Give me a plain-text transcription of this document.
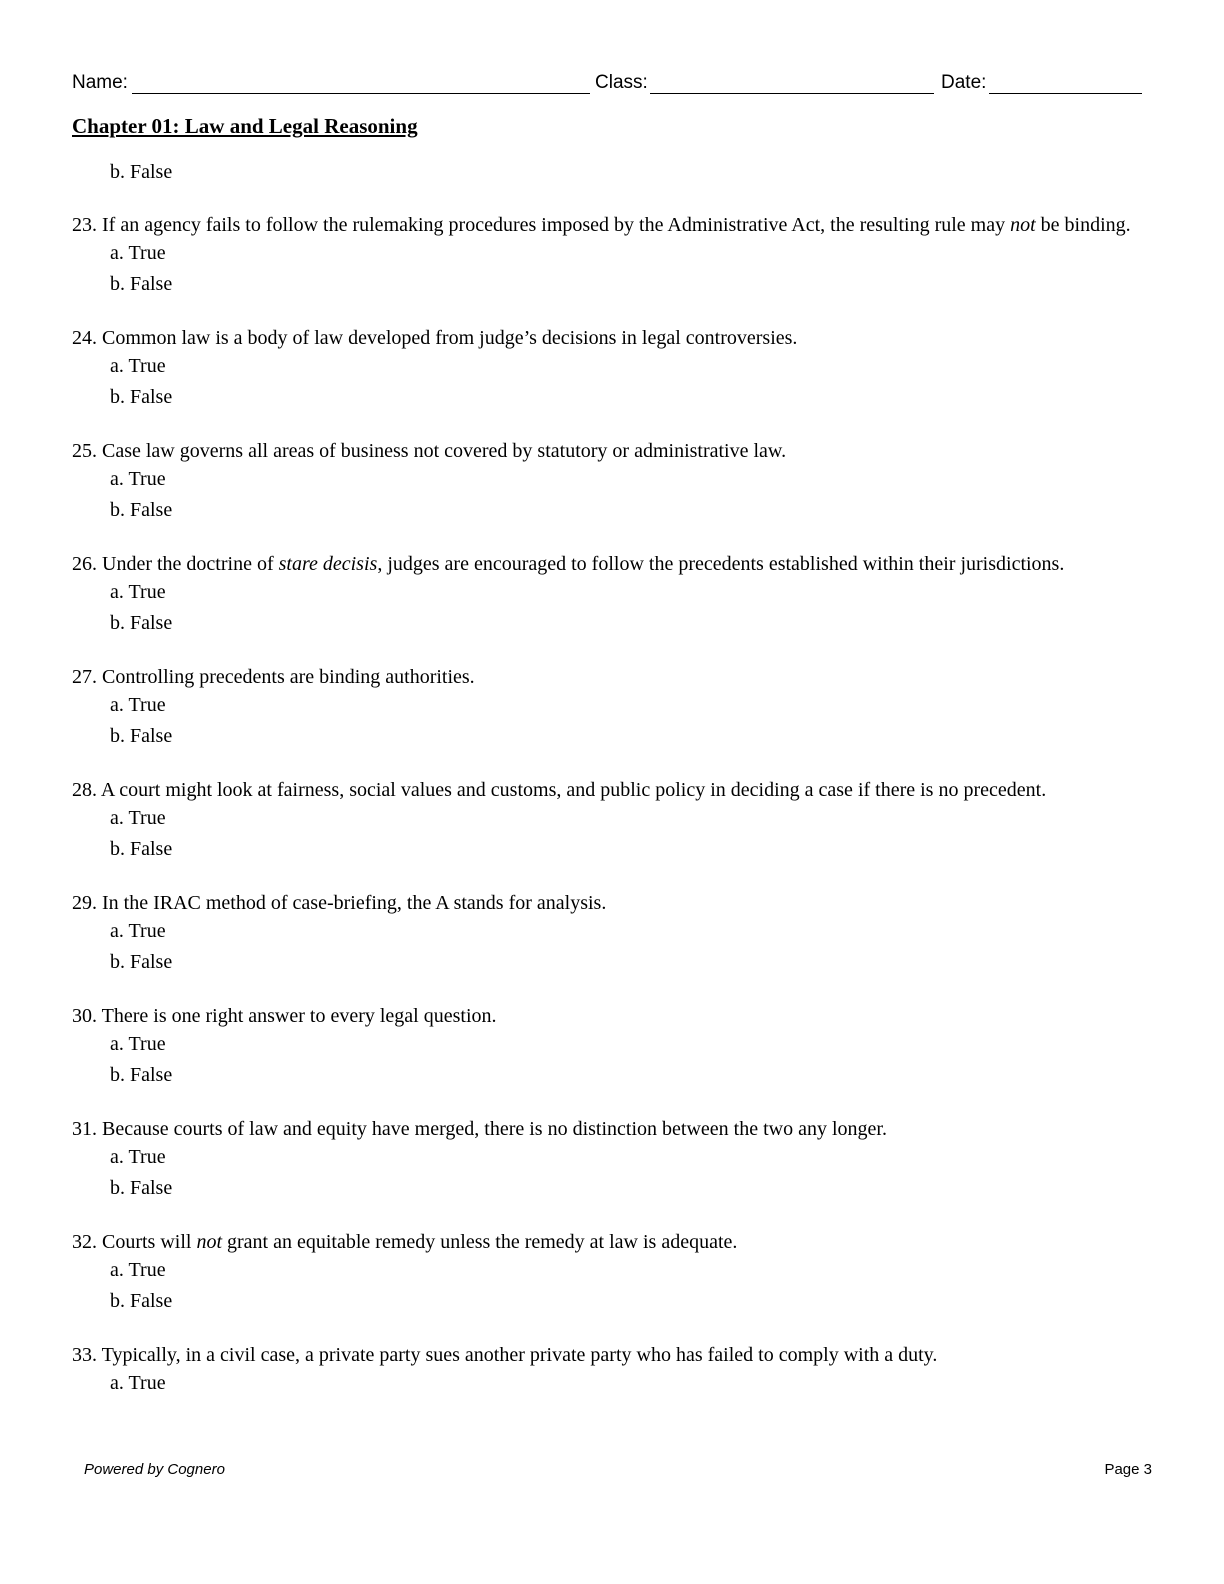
Name:	Class:	Date:
Chapter 01: Law and Legal Reasoning
b. False
23. If an agency fails to follow the rulemaking procedures imposed by the Administrative Act, the resulting rule may not be binding.
a. True
b. False
24. Common law is a body of law developed from judge’s decisions in legal controversies.
a. True
b. False
25. Case law governs all areas of business not covered by statutory or administrative law.
a. True
b. False
26. Under the doctrine of stare decisis, judges are encouraged to follow the precedents established within their jurisdictions.
a. True
b. False
27. Controlling precedents are binding authorities.
a. True
b. False
28. A court might look at fairness, social values and customs, and public policy in deciding a case if there is no precedent.
a. True
b. False
29. In the IRAC method of case-briefing, the A stands for analysis.
a. True
b. False
30. There is one right answer to every legal question.
a. True
b. False
31. Because courts of law and equity have merged, there is no distinction between the two any longer.
a. True
b. False
32. Courts will not grant an equitable remedy unless the remedy at law is adequate.
a. True
b. False
33. Typically, in a civil case, a private party sues another private party who has failed to comply with a duty.
a. True
Powered by Cognero	Page 3
